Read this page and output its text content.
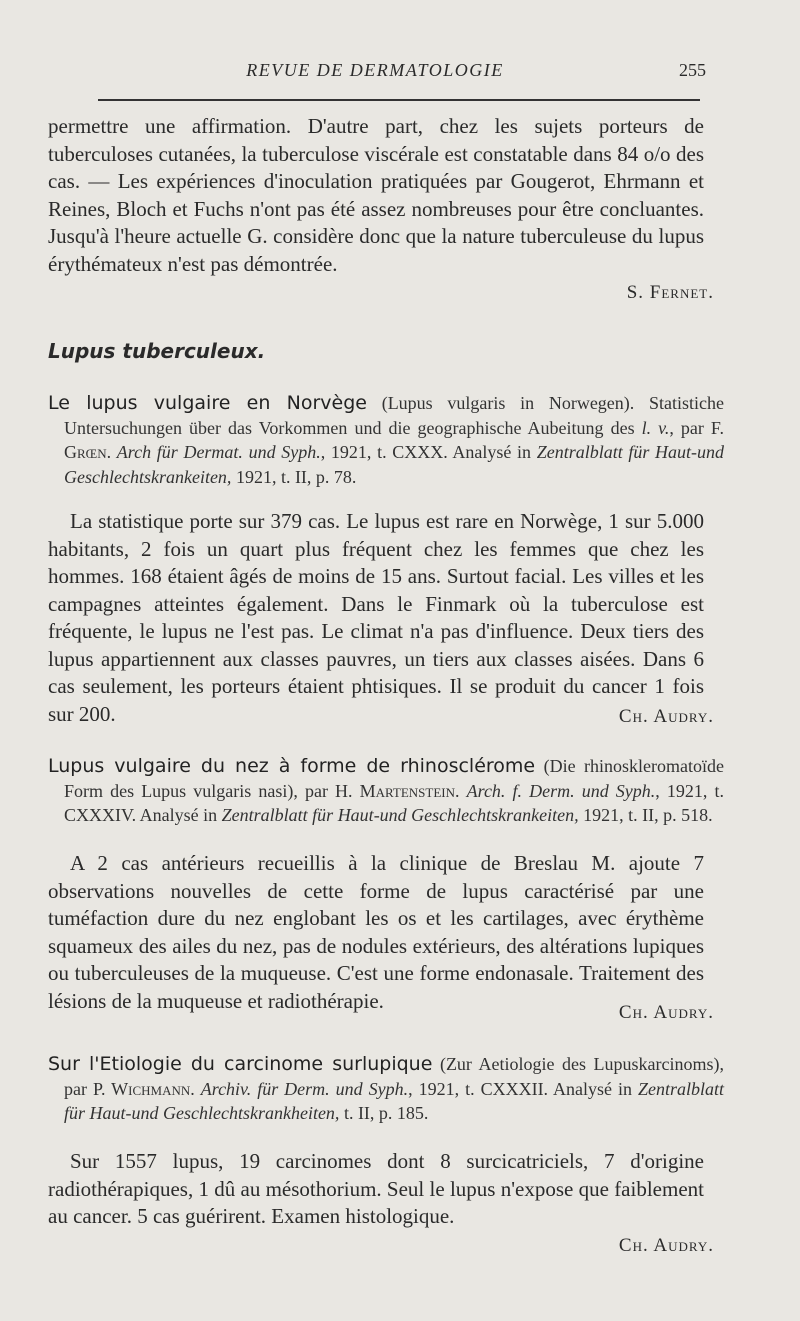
REVUE DE DERMATOLOGIE	255

permettre une affirmation. D'autre part, chez les sujets porteurs de tuberculoses cutanées, la tuberculose viscérale est constatable dans 84 o/o des cas. — Les expériences d'inoculation pratiquées par Gougerot, Ehrmann et Reines, Bloch et Fuchs n'ont pas été assez nombreuses pour être concluantes. Jusqu'à l'heure actuelle G. considère donc que la nature tuberculeuse du lupus érythémateux n'est pas démontrée.

S. Fernet.
Lupus tuberculeux.

Le lupus vulgaire en Norvège (Lupus vulgaris in Norwegen). Statistiche Untersuchungen über das Vorkommen und die geographische Aubeitung des l. v., par F. Grœn. Arch für Dermat. und Syph., 1921, t. CXXX. Analysé in Zentralblatt für Haut-und Geschlechtskrankeiten, 1921, t. II, p. 78.

La statistique porte sur 379 cas. Le lupus est rare en Norwège, 1 sur 5.000 habitants, 2 fois un quart plus fréquent chez les femmes que chez les hommes. 168 étaient âgés de moins de 15 ans. Surtout facial. Les villes et les campagnes atteintes également. Dans le Finmark où la tuberculose est fréquente, le lupus ne l'est pas. Le climat n'a pas d'influence. Deux tiers des lupus appartiennent aux classes pauvres, un tiers aux classes aisées. Dans 6 cas seulement, les porteurs étaient phtisiques. Il se produit du cancer 1 fois sur 200.	Ch. Audry.

Lupus vulgaire du nez à forme de rhinosclérome (Die rhinoskleromatoïde Form des Lupus vulgaris nasi), par H. Martenstein. Arch. f. Derm. und Syph., 1921, t. CXXXIV. Analysé in Zentralblatt für Haut-und Geschlechtskrankeiten, 1921, t. II, p. 518.

A 2 cas antérieurs recueillis à la clinique de Breslau M. ajoute 7 observations nouvelles de cette forme de lupus caractérisé par une tuméfaction dure du nez englobant les os et les cartilages, avec érythème squameux des ailes du nez, pas de nodules extérieurs, des altérations lupiques ou tuberculeuses de la muqueuse. C'est une forme endonasale. Traitement des lésions de la muqueuse et radiothérapie.	Ch. Audry.

Sur l'Etiologie du carcinome surlupique (Zur Aetiologie des Lupuskarcinoms), par P. Wichmann. Archiv. für Derm. und Syph., 1921, t. CXXXII. Analysé in Zentralblatt für Haut-und Geschlechtskrankheiten, t. II, p. 185.

Sur 1557 lupus, 19 carcinomes dont 8 surcicatriciels, 7 d'origine radiothérapiques, 1 dû au mésothorium. Seul le lupus n'expose que faiblement au cancer. 5 cas guérirent. Examen histologique.

Ch. Audry.
